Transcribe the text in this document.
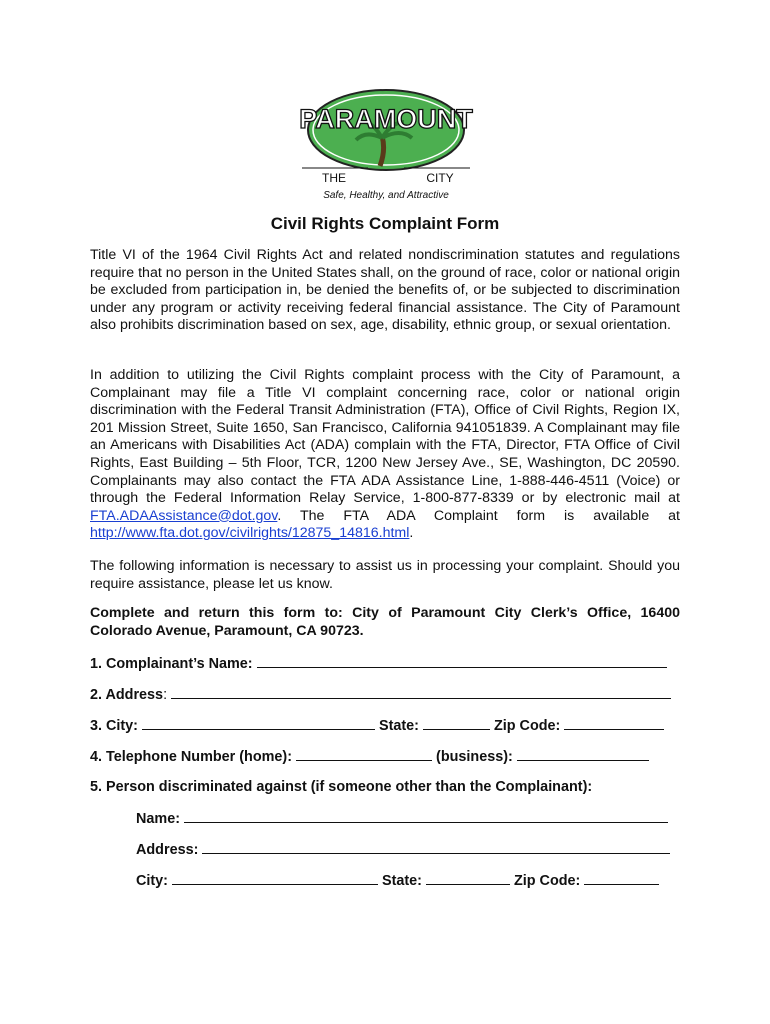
PARAMOUNT
THE	CITY
Safe, Healthy, and Attractive
Civil Rights Complaint Form

Title VI of the 1964 Civil Rights Act and related nondiscrimination statutes and regulations require that no person in the United States shall, on the ground of race, color or national origin be excluded from participation in, be denied the benefits of, or be subjected to discrimination under any program or activity receiving federal financial assistance. The City of Paramount also prohibits discrimination based on sex, age, disability, ethnic group, or sexual orientation.

In addition to utilizing the Civil Rights complaint process with the City of Paramount, a Complainant may file a Title VI complaint concerning race, color or national origin discrimination with the Federal Transit Administration (FTA), Office of Civil Rights, Region IX, 201 Mission Street, Suite 1650, San Francisco, California 941051839. A Complainant may file an Americans with Disabilities Act (ADA) complain with the FTA, Director, FTA Office of Civil Rights, East Building – 5th Floor, TCR, 1200 New Jersey Ave., SE, Washington, DC 20590. Complainants may also contact the FTA ADA Assistance Line, 1-888-446-4511 (Voice) or through the Federal Information Relay Service, 1-800-877-8339 or by electronic mail at FTA.ADAAssistance@dot.gov. The FTA ADA Complaint form is available at http://www.fta.dot.gov/civilrights/12875_14816.html.

The following information is necessary to assist us in processing your complaint. Should you require assistance, please let us know.

Complete and return this form to: City of Paramount City Clerk’s Office, 16400 Colorado Avenue, Paramount, CA 90723.

1. Complainant’s Name:
2. Address:
3. City:	State:	Zip Code:
4. Telephone Number (home):	(business):
5. Person discriminated against (if someone other than the Complainant):
Name:
Address:
City:	State:	Zip Code:
